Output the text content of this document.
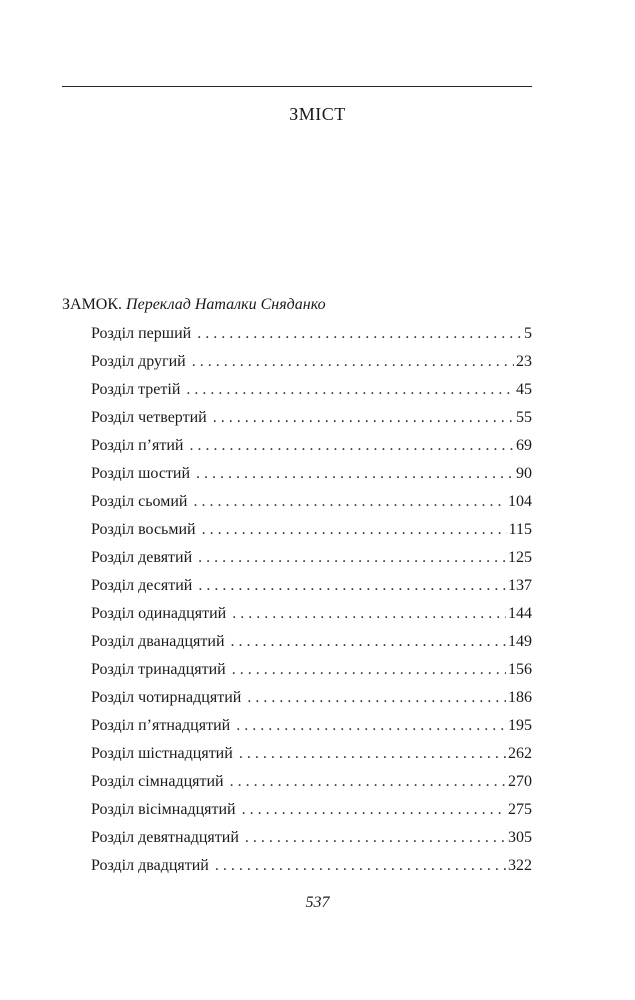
ЗМІСТ
ЗАМОК. Переклад Наталки Сняданко
Розділ перший . . .	5
Розділ другий . . .	23
Розділ третій . . .	45
Розділ четвертий . . .	55
Розділ п’ятий . . .	69
Розділ шостий . . .	90
Розділ сьомий . . .	104
Розділ восьмий . . .	115
Розділ девятий . . .	125
Розділ десятий . . .	137
Розділ одинадцятий . . .	144
Розділ дванадцятий . . .	149
Розділ тринадцятий . . .	156
Розділ чотирнадцятий . . .	186
Розділ п’ятнадцятий . . .	195
Розділ шістнадцятий . . .	262
Розділ сімнадцятий . . .	270
Розділ вісімнадцятий . . .	275
Розділ девятнадцятий . . .	305
Розділ двадцятий . . .	322
537
